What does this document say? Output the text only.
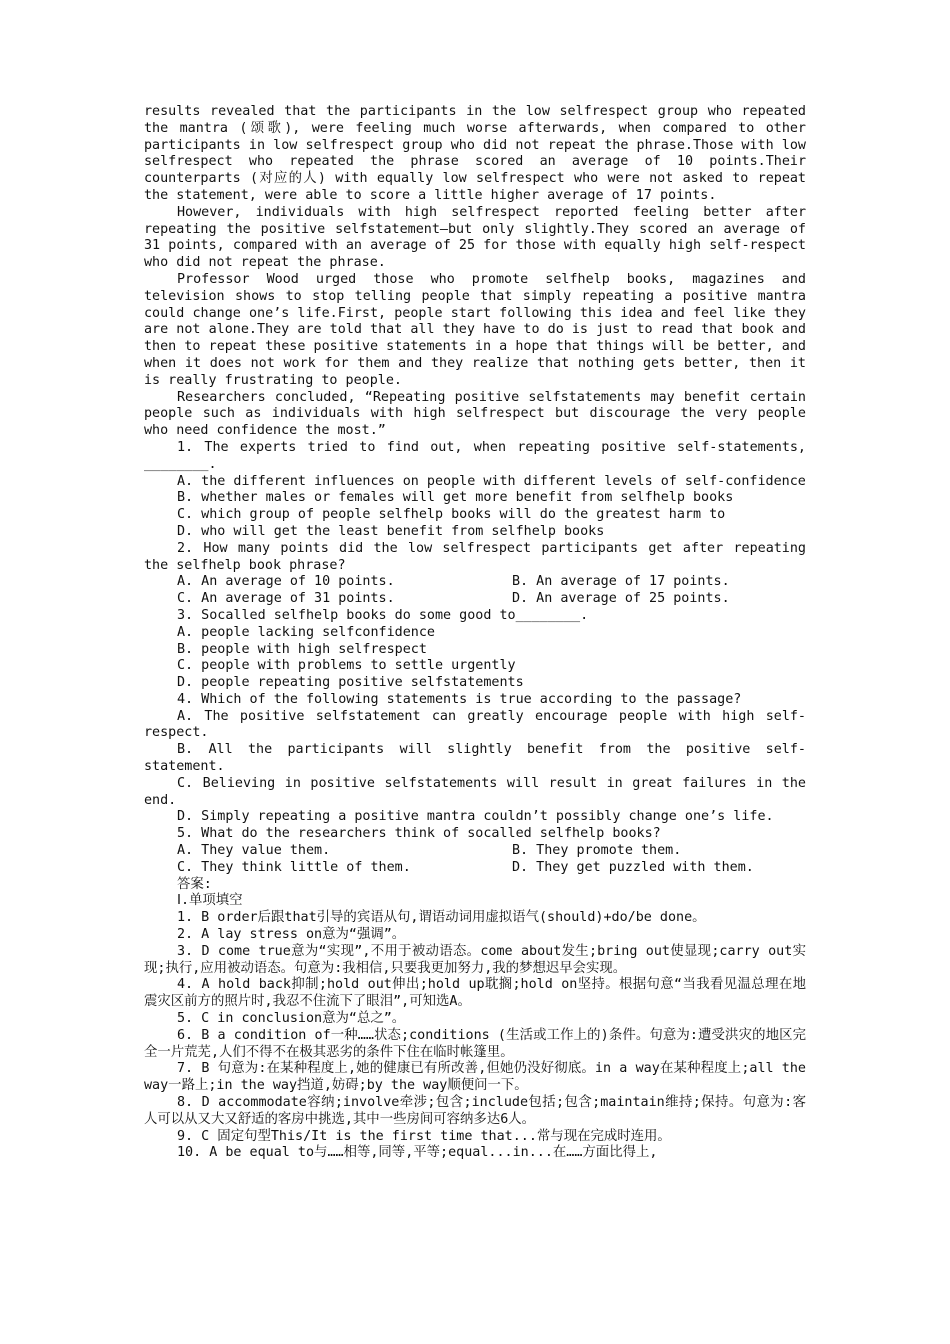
results revealed that the participants in the low selfrespect group who repeated the mantra (颂歌), were feeling much worse afterwards, when compared to other participants in low selfrespect group who did not repeat the phrase.Those with low selfrespect who repeated the phrase scored an average of 10 points.Their counterparts (对应的人) with equally low selfrespect who were not asked to repeat the statement, were able to score a little higher average of 17 points.

However, individuals with high selfrespect reported feeling better after repeating the positive selfstatement—but only slightly.They scored an average of 31 points, compared with an average of 25 for those with equally high self-respect who did not repeat the phrase.

Professor Wood urged those who promote selfhelp books, magazines and television shows to stop telling people that simply repeating a positive mantra could change one’s life.First, people start following this idea and feel like they are not alone.They are told that all they have to do is just to read that book and then to repeat these positive statements in a hope that things will be better, and when it does not work for them and they realize that nothing gets better, then it is really frustrating to people.

Researchers concluded, “Repeating positive selfstatements may benefit certain people such as individuals with high selfrespect but discourage the very people who need confidence the most.”

1. The experts tried to find out, when repeating positive self-statements, ________.

A. the different influences on people with different levels of self-confidence

B. whether males or females will get more benefit from selfhelp books

C. which group of people selfhelp books will do the greatest harm to

D. who will get the least benefit from selfhelp books

2. How many points did the low selfrespect participants get after repeating the selfhelp book phrase?

A. An average of 10 points.	B. An average of 17 points.
C. An average of 31 points.	D. An average of 25 points.

3. Socalled selfhelp books do some good to________.

A. people lacking selfconfidence

B. people with high selfrespect

C. people with problems to settle urgently

D. people repeating positive selfstatements

4. Which of the following statements is true according to the passage?

A. The positive selfstatement can greatly encourage people with high self-respect.

B. All the participants will slightly benefit from the positive self-statement.

C. Believing in positive selfstatements will result in great failures in the end.

D. Simply repeating a positive mantra couldn’t possibly change one’s life.

5. What do the researchers think of socalled selfhelp books?

A. They value them.	B. They promote them.
C. They think little of them.	D. They get puzzled with them.

答案:

Ⅰ.单项填空

1. B order后跟that引导的宾语从句,谓语动词用虚拟语气(should)+do/be done。

2. A lay stress on意为“强调”。

3. D come true意为“实现”,不用于被动语态。come about发生;bring out使显现;carry out实现;执行,应用被动语态。句意为:我相信,只要我更加努力,我的梦想迟早会实现。

4. A hold back抑制;hold out伸出;hold up耽搁;hold on坚持。根据句意“当我看见温总理在地震灾区前方的照片时,我忍不住流下了眼泪”,可知选A。

5. C in conclusion意为“总之”。

6. B a condition of一种……状态;conditions (生活或工作上的)条件。句意为:遭受洪灾的地区完全一片荒芜,人们不得不在极其恶劣的条件下住在临时帐篷里。

7. B 句意为:在某种程度上,她的健康已有所改善,但她仍没好彻底。in a way在某种程度上;all the way一路上;in the way挡道,妨碍;by the way顺便问一下。

8. D accommodate容纳;involve牵涉;包含;include包括;包含;maintain维持;保持。句意为:客人可以从又大又舒适的客房中挑选,其中一些房间可容纳多达6人。

9. C 固定句型This/It is the first time that...常与现在完成时连用。

10. A be equal to与……相等,同等,平等;equal...in...在……方面比得上,
